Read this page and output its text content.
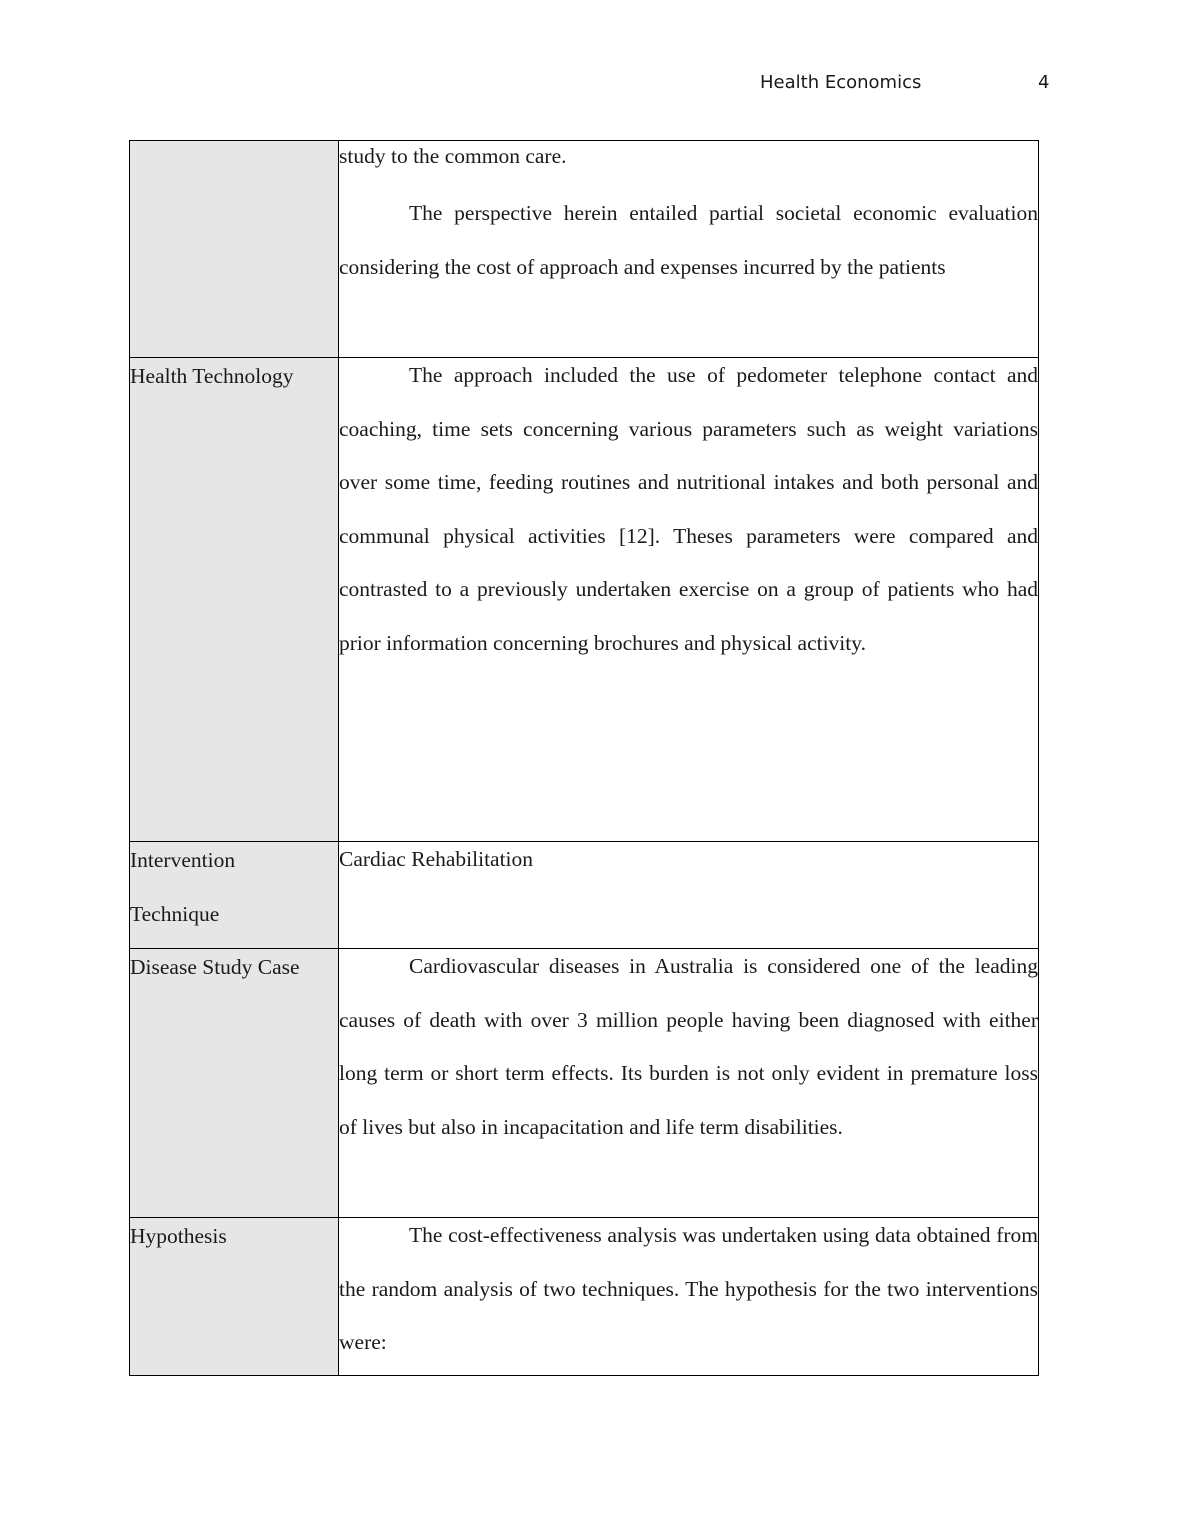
Health Economics	4

	study to the common care.

The perspective herein entailed partial societal economic evaluation considering the cost of approach and expenses incurred by the patients

Health Technology	The approach included the use of pedometer telephone contact and coaching, time sets concerning various parameters such as weight variations over some time, feeding routines and nutritional intakes and both personal and communal physical activities [12]. Theses parameters were compared and contrasted to a previously undertaken exercise on a group of patients who had prior information concerning brochures and physical activity.

Intervention Technique	Cardiac Rehabilitation

Disease Study Case	Cardiovascular diseases in Australia is considered one of the leading causes of death with over 3 million people having been diagnosed with either long term or short term effects. Its burden is not only evident in premature loss of lives but also in incapacitation and life term disabilities.

Hypothesis	The cost-effectiveness analysis was undertaken using data obtained from the random analysis of two techniques. The hypothesis for the two interventions were:
